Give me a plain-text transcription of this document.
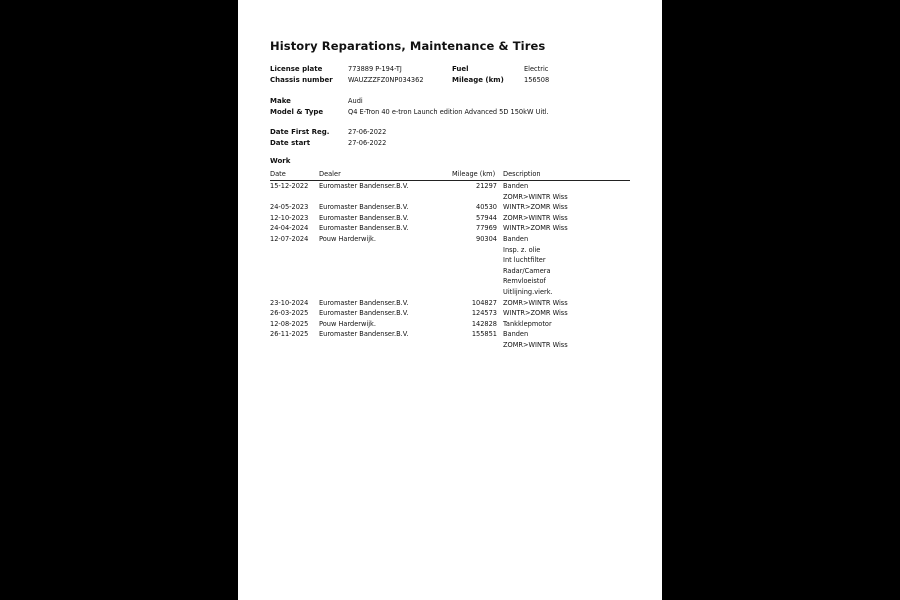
History Reparations, Maintenance & Tires
License plate	773889 P-194-TJ	Fuel	Electric
Chassis number WAUZZZFZ0NP034362	Mileage (km)	156508
Make	Audi
Model & Type	Q4 E-Tron 40 e-tron Launch edition Advanced 5D 150kW Uitl.
Date First Reg.	27-06-2022
Date start	27-06-2022
Work
Date	Dealer	Mileage (km) Description
15-12-2022 Euromaster Bandenser.B.V.	21297 Banden
ZOMR>WINTR Wiss
24-05-2023 Euromaster Bandenser.B.V.	40530 WINTR>ZOMR Wiss
12-10-2023 Euromaster Bandenser.B.V.	57944 ZOMR>WINTR Wiss
24-04-2024 Euromaster Bandenser.B.V.	77969 WINTR>ZOMR Wiss
12-07-2024 Pouw Harderwijk.	90304 Banden
Insp. z. olie
Int luchtfilter
Radar/Camera
Remvloeistof
Uitlijning.vierk.
23-10-2024 Euromaster Bandenser.B.V.	104827 ZOMR>WINTR Wiss
26-03-2025 Euromaster Bandenser.B.V.	124573 WINTR>ZOMR Wiss
12-08-2025 Pouw Harderwijk.	142828 Tankklepmotor
26-11-2025 Euromaster Bandenser.B.V.	155851 Banden
ZOMR>WINTR Wiss
